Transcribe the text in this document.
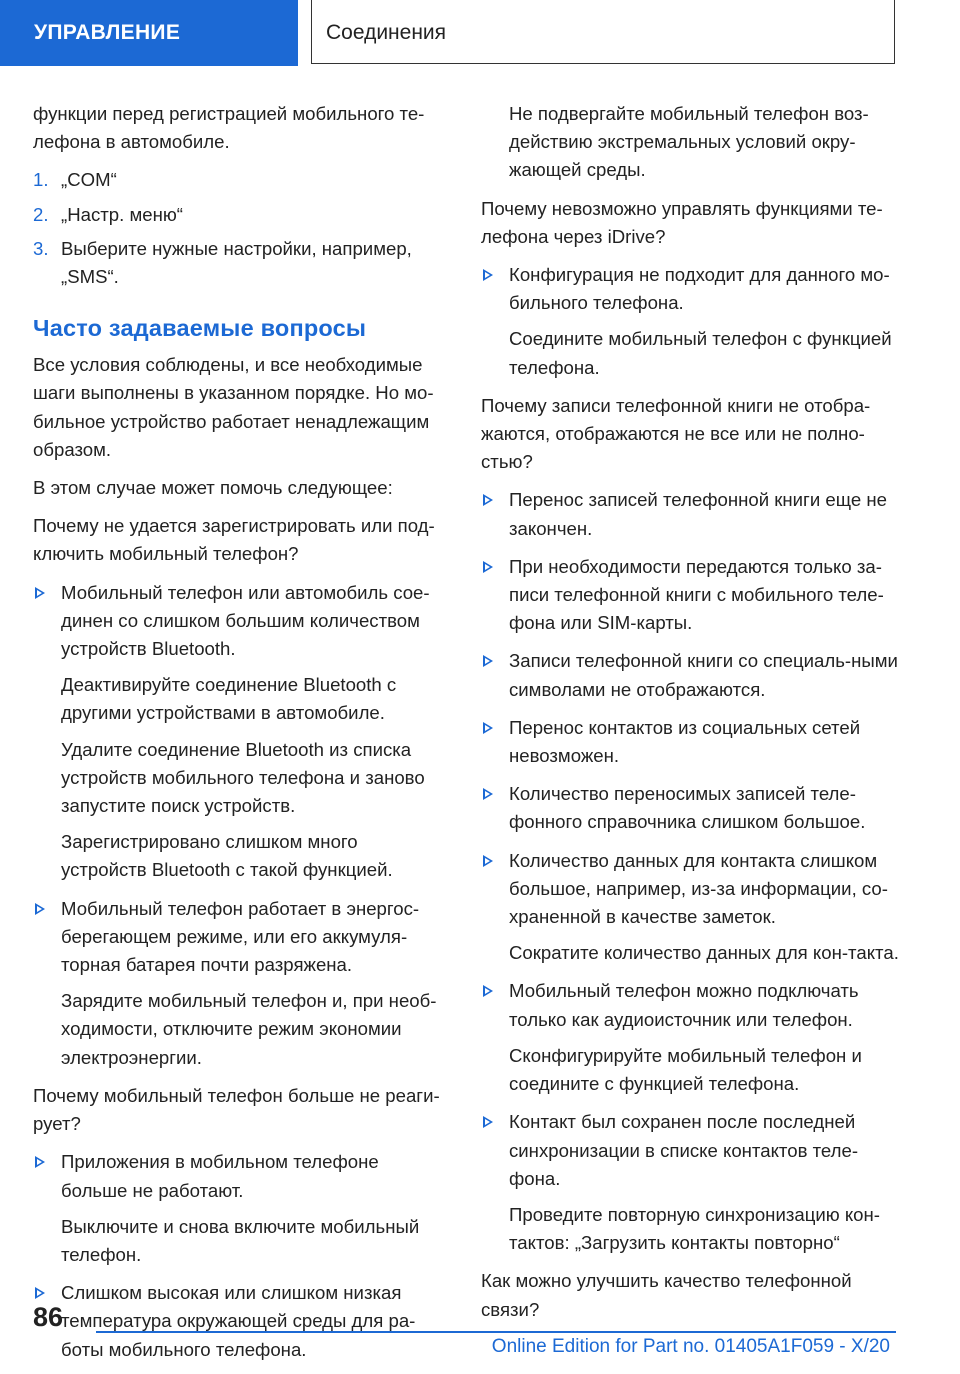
УПРАВЛЕНИЕ	Соединения

функции перед регистрацией мобильного те-лефона в автомобиле.

1. „COM“
2. „Настр. меню“
3. Выберите нужные настройки, например, „SMS“.
Часто задаваемые вопросы

Все условия соблюдены, и все необходимые шаги выполнены в указанном порядке. Но мо-бильное устройство работает ненадлежащим образом.

В этом случае может помочь следующее:

Почему не удается зарегистрировать или под-ключить мобильный телефон?

Мобильный телефон или автомобиль сое-динен со слишком большим количеством устройств Bluetooth.

Деактивируйте соединение Bluetooth с другими устройствами в автомобиле.

Удалите соединение Bluetooth из списка устройств мобильного телефона и заново запустите поиск устройств.

Зарегистрировано слишком много устройств Bluetooth с такой функцией.

Мобильный телефон работает в энергос-берегающем режиме, или его аккумуля-торная батарея почти разряжена.

Зарядите мобильный телефон и, при необ-ходимости, отключите режим экономии электроэнергии.

Почему мобильный телефон больше не реаги-рует?

Приложения в мобильном телефоне больше не работают.

Выключите и снова включите мобильный телефон.

Слишком высокая или слишком низкая температура окружающей среды для ра-боты мобильного телефона.

Не подвергайте мобильный телефон воз-действию экстремальных условий окру-жающей среды.

Почему невозможно управлять функциями те-лефона через iDrive?

Конфигурация не подходит для данного мо-бильного телефона.

Соедините мобильный телефон с функцией телефона.

Почему записи телефонной книги не отобра-жаются, отображаются не все или не полно-стью?

Перенос записей телефонной книги еще не закончен.

При необходимости передаются только за-писи телефонной книги с мобильного теле-фона или SIM-карты.

Записи телефонной книги со специаль-ными символами не отображаются.

Перенос контактов из социальных сетей невозможен.

Количество переносимых записей теле-фонного справочника слишком большое.

Количество данных для контакта слишком большое, например, из-за информации, со-храненной в качестве заметок.

Сократите количество данных для кон-такта.

Мобильный телефон можно подключать только как аудиоисточник или телефон.

Сконфигурируйте мобильный телефон и соедините с функцией телефона.

Контакт был сохранен после последней синхронизации в списке контактов теле-фона.

Проведите повторную синхронизацию кон-тактов: „Загрузить контакты повторно“

Как можно улучшить качество телефонной связи?

86
Online Edition for Part no. 01405A1F059 - X/20
